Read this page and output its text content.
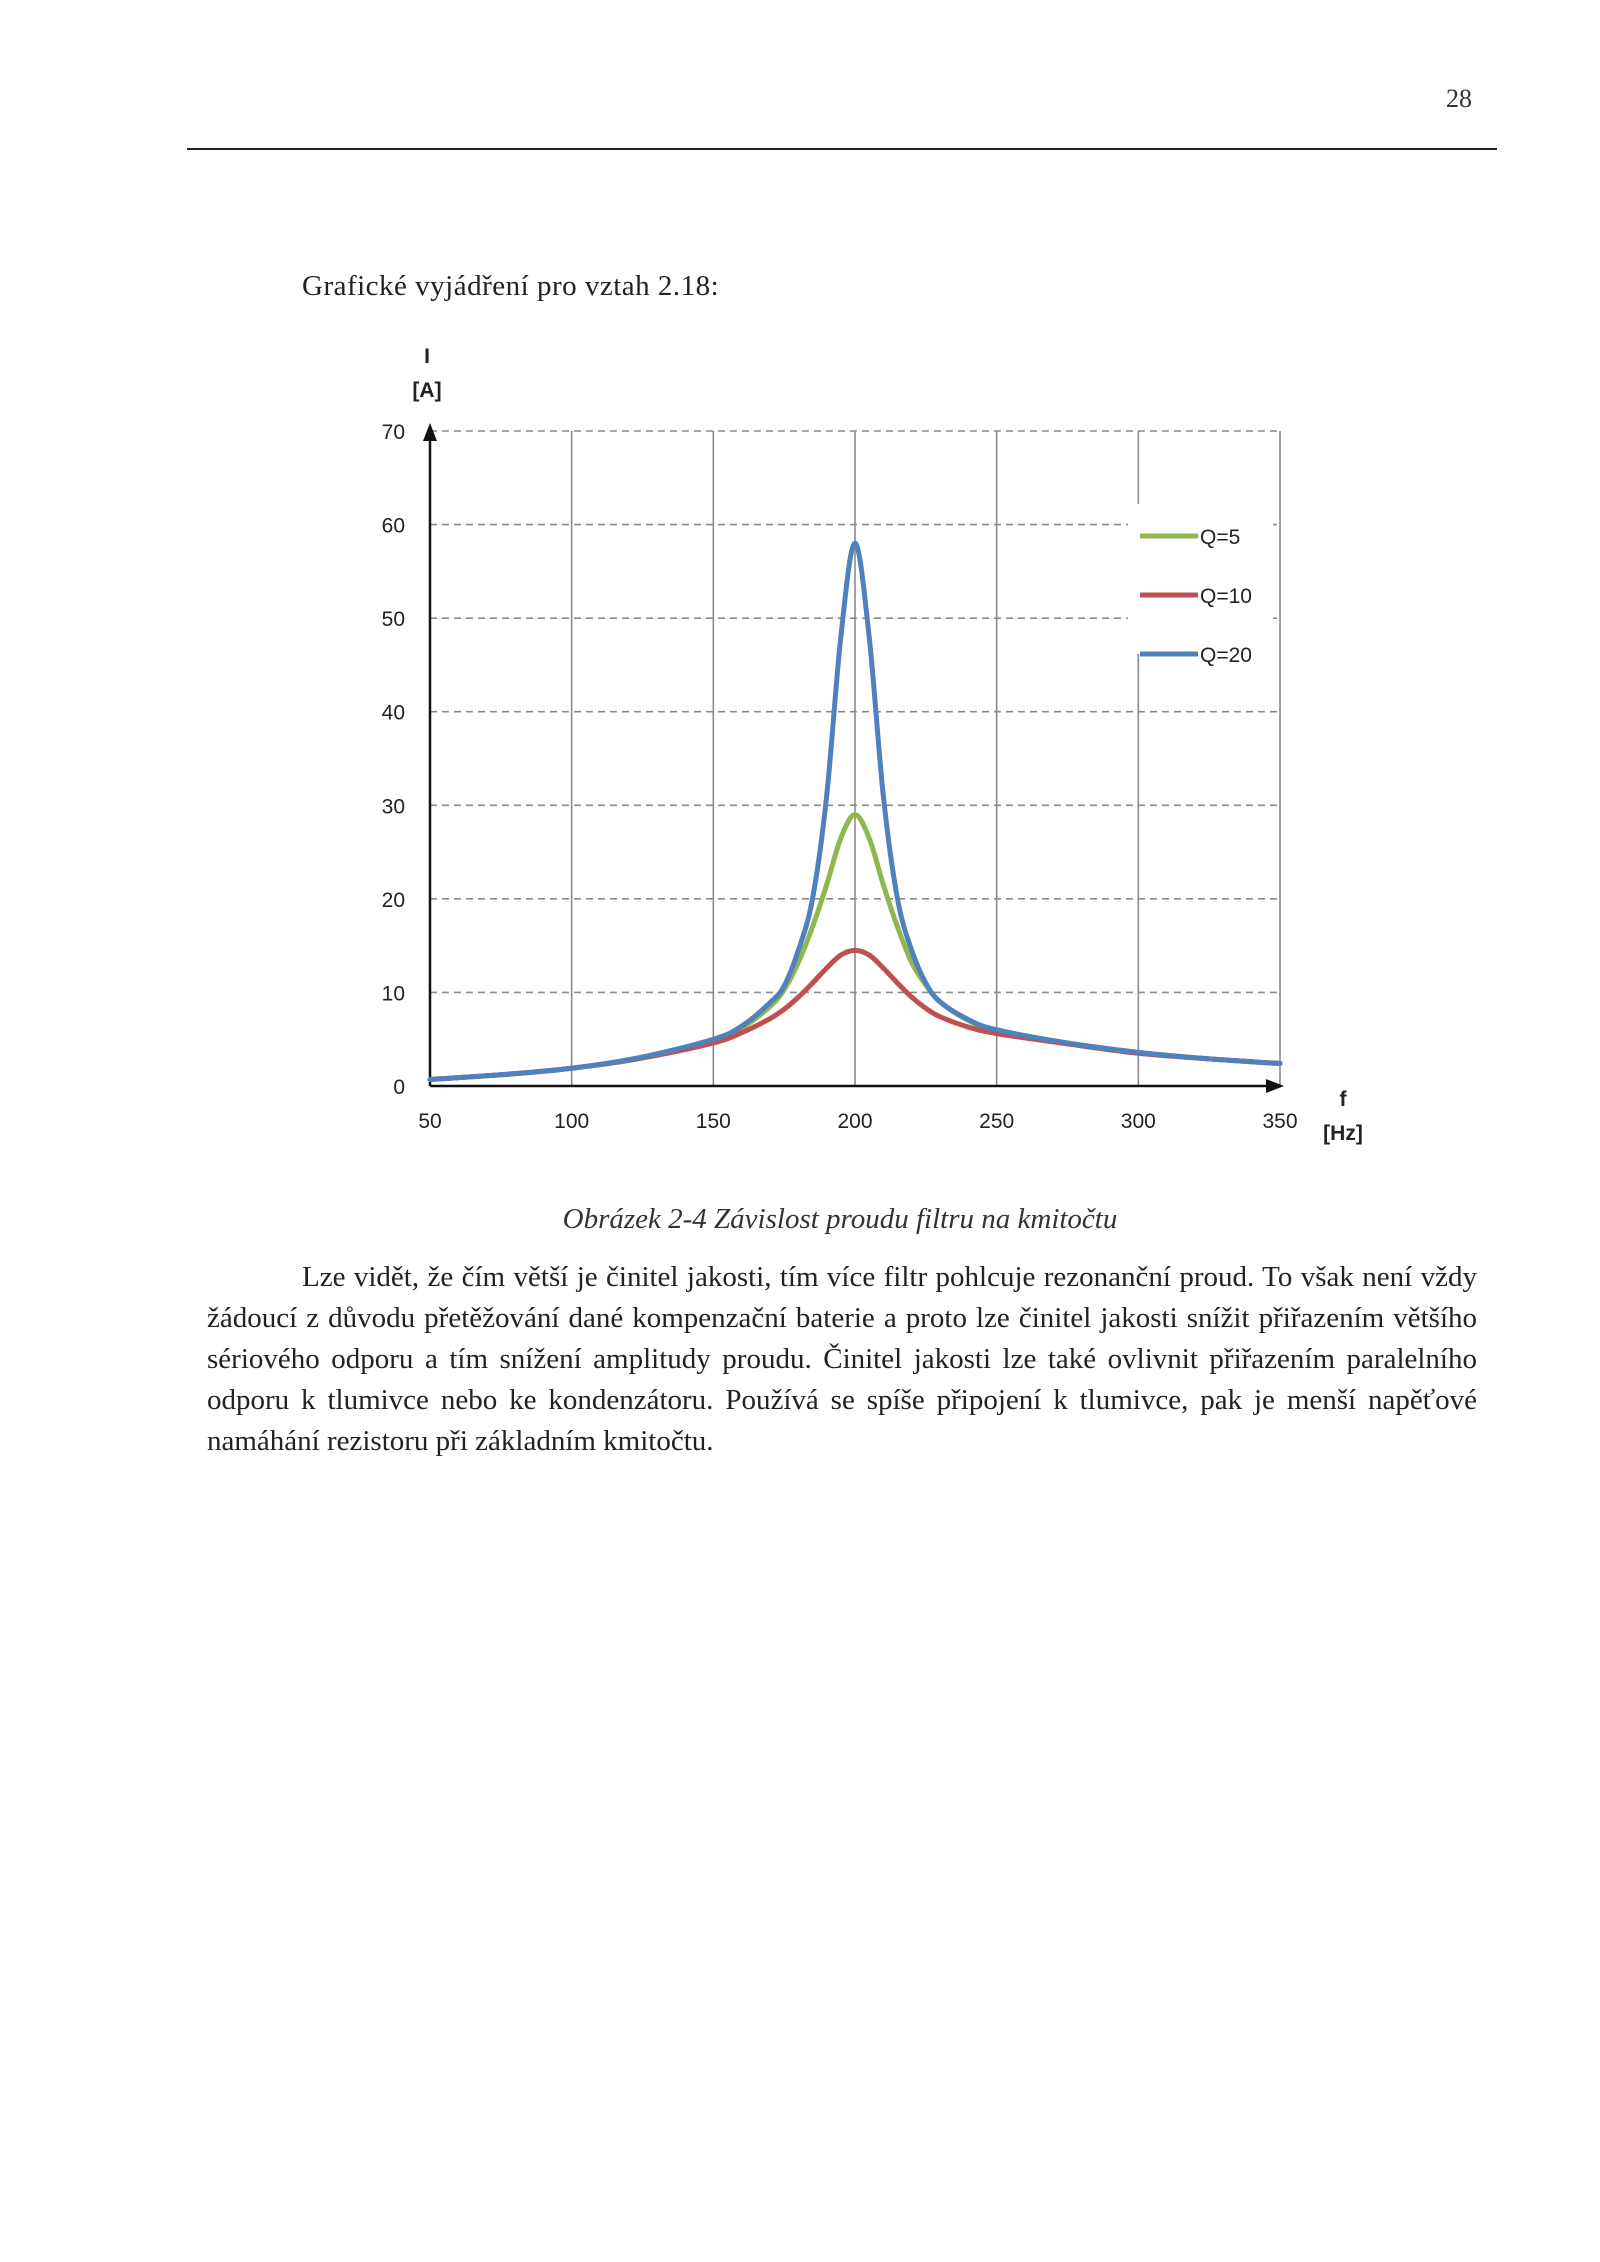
28
Grafické vyjádření pro vztah 2.18:
Q=5
Q=10
Q=20
0
10
20
30
40
50
60
70
50	100	150	200	250	300	350
I
[A]
f
[Hz]
Obrázek 2-4 Závislost proudu filtru na kmitočtu
Lze vidět, že čím větší je činitel jakosti, tím více filtr pohlcuje rezonanční proud. To však není vždy žádoucí z důvodu přetěžování dané kompenzační baterie a proto lze činitel jakosti snížit přiřazením většího sériového odporu a tím snížení amplitudy proudu. Činitel jakosti lze také ovlivnit přiřazením paralelního odporu k tlumivce nebo ke kondenzátoru. Používá se spíše připojení k tlumivce, pak je menší napěťové namáhání rezistoru při základním kmitočtu.
